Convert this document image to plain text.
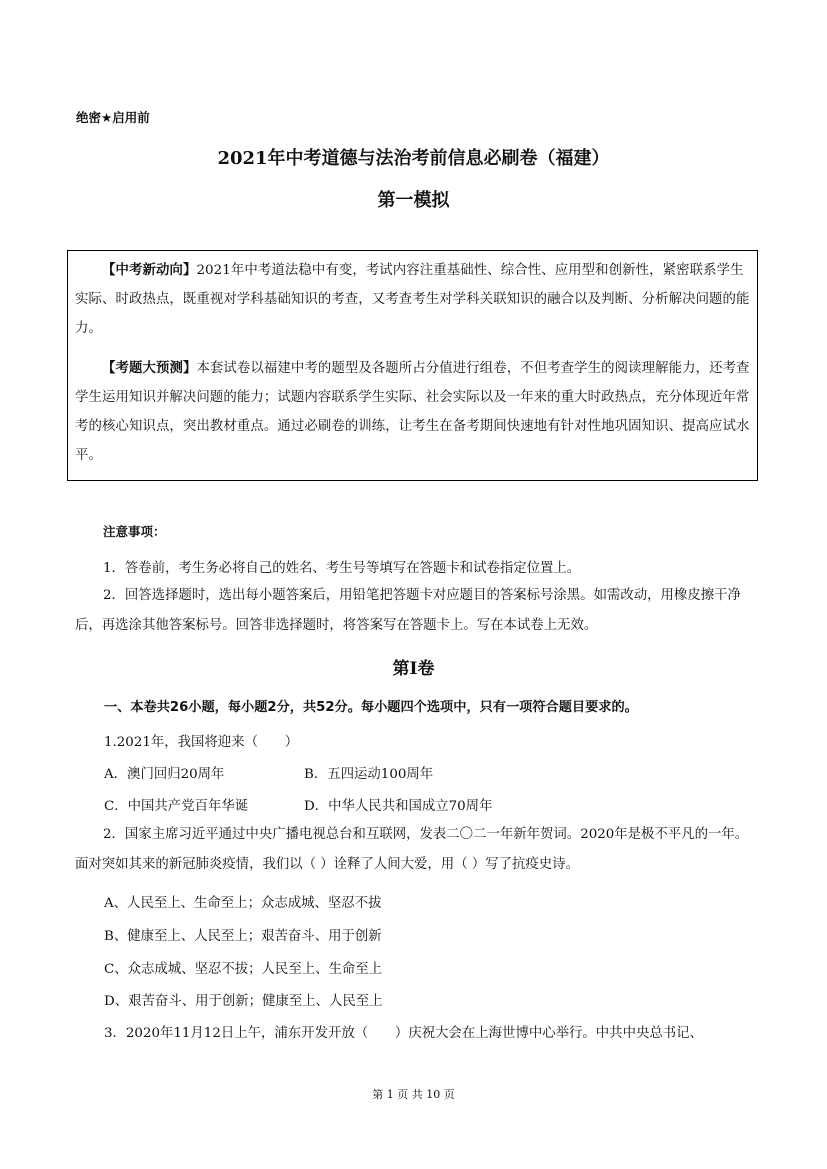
绝密★启用前
2021年中考道德与法治考前信息必刷卷（福建）
第一模拟
【中考新动向】2021年中考道法稳中有变，考试内容注重基础性、综合性、应用型和创新性，紧密联系学生实际、时政热点，既重视对学科基础知识的考查，又考查考生对学科关联知识的融合以及判断、分析解决问题的能力。
【考题大预测】本套试卷以福建中考的题型及各题所占分值进行组卷，不但考查学生的阅读理解能力，还考查学生运用知识并解决问题的能力；试题内容联系学生实际、社会实际以及一年来的重大时政热点，充分体现近年常考的核心知识点，突出教材重点。通过必刷卷的训练，让考生在备考期间快速地有针对性地巩固知识、提高应试水平。
注意事项：
1．答卷前，考生务必将自己的姓名、考生号等填写在答题卡和试卷指定位置上。
2．回答选择题时，选出每小题答案后，用铅笔把答题卡对应题目的答案标号涂黑。如需改动，用橡皮擦干净后，再选涂其他答案标号。回答非选择题时，将答案写在答题卡上。写在本试卷上无效。
第Ⅰ卷
一、本卷共26小题，每小题2分，共52分。每小题四个选项中，只有一项符合题目要求的。
1.2021年，我国将迎来（　　）
A．澳门回归20周年	B．五四运动100周年
C．中国共产党百年华诞	D．中华人民共和国成立70周年
2．国家主席习近平通过中央广播电视总台和互联网，发表二〇二一年新年贺词。2020年是极不平凡的一年。面对突如其来的新冠肺炎疫情，我们以（ ）诠释了人间大爱，用（ ）写了抗疫史诗。
A、人民至上、生命至上；众志成城、坚忍不拔
B、健康至上、人民至上；艰苦奋斗、用于创新
C、众志成城、坚忍不拔；人民至上、生命至上
D、艰苦奋斗、用于创新；健康至上、人民至上
3．2020年11月12日上午，浦东开发开放（　　）庆祝大会在上海世博中心举行。中共中央总书记、
第 1 页 共 10 页
